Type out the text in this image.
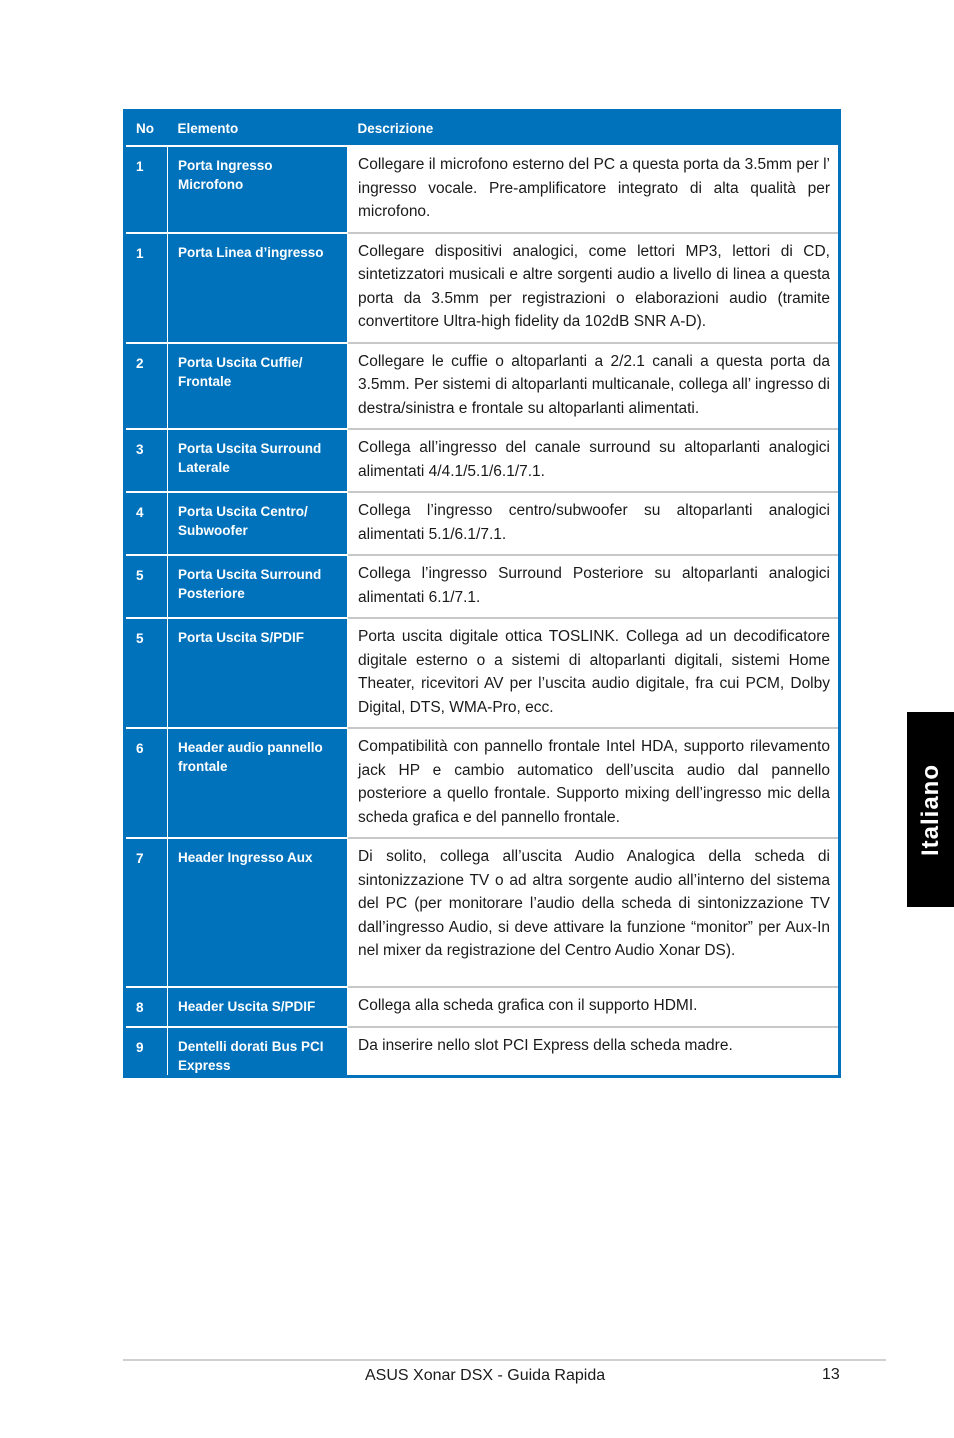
No	Elemento	Descrizione
1	Porta Ingresso Microfono	Collegare il microfono esterno del PC a questa porta da 3.5mm per l’ ingresso vocale. Pre-amplificatore integrato di alta qualità per microfono.
1	Porta Linea d’ingresso	Collegare dispositivi analogici, come lettori MP3, lettori di CD, sintetizzatori musicali e altre sorgenti audio a livello di linea a questa porta da 3.5mm per registrazioni o elaborazioni audio (tramite convertitore Ultra-high fidelity da 102dB SNR A-D).
2	Porta Uscita Cuffie/ Frontale	Collegare le cuffie o altoparlanti a 2/2.1 canali a questa porta da 3.5mm. Per sistemi di altoparlanti multicanale, collega all’ ingresso di destra/sinistra e frontale su altoparlanti alimentati.
3	Porta Uscita Surround Laterale	Collega all’ingresso del canale surround su altoparlanti analogici alimentati 4/4.1/5.1/6.1/7.1.
4	Porta Uscita Centro/ Subwoofer	Collega l’ingresso centro/subwoofer su altoparlanti analogici alimentati 5.1/6.1/7.1.
5	Porta Uscita Surround Posteriore	Collega l’ingresso Surround Posteriore su altoparlanti analogici alimentati 6.1/7.1.
5	Porta Uscita S/PDIF	Porta uscita digitale ottica TOSLINK. Collega ad un decodificatore digitale esterno o a sistemi di altoparlanti digitali, sistemi Home Theater, ricevitori AV per l’uscita audio digitale, fra cui PCM, Dolby Digital, DTS, WMA-Pro, ecc.
6	Header audio pannello frontale	Compatibilità con pannello frontale Intel HDA, supporto rilevamento jack HP e cambio automatico dell’uscita audio dal pannello posteriore a quello frontale. Supporto mixing dell’ingresso mic della scheda grafica e del pannello frontale.
7	Header Ingresso Aux	Di solito, collega all’uscita Audio Analogica della scheda di sintonizzazione TV o ad altra sorgente audio all’interno del sistema del PC (per monitorare l’audio della scheda di sintonizzazione TV dall’ingresso Audio, si deve attivare la funzione “monitor” per Aux-In nel mixer da registrazione del Centro Audio Xonar DS).
8	Header Uscita S/PDIF	Collega alla scheda grafica con il supporto HDMI.
9	Dentelli dorati Bus PCI Express	Da inserire nello slot PCI Express della scheda madre.
Italiano
ASUS Xonar DSX - Guida Rapida	13
